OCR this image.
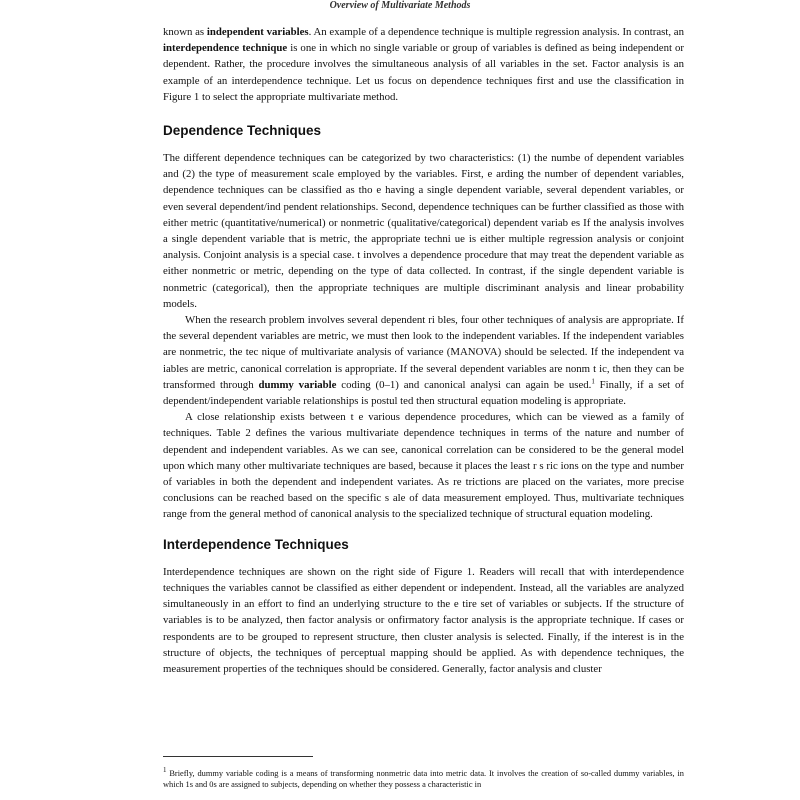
Overview of Multivariate Methods

known as independent variables. An example of a dependence technique is multiple regression analysis. In contrast, an interdependence technique is one in which no single variable or group of variables is defined as being independent or dependent. Rather, the procedure involves the simultaneous analysis of all variables in the set. Factor analysis is an example of an interdependence technique. Let us focus on dependence techniques first and use the classification in Figure 1 to select the appropriate multivariate method.

Dependence Techniques

The different dependence techniques can be categorized by two characteristics: (1) the numbe of dependent variables and (2) the type of measurement scale employed by the variables. First, e arding the number of dependent variables, dependence techniques can be classified as tho e having a single dependent variable, several dependent variables, or even several dependent/ind pendent relationships. Second, dependence techniques can be further classified as those with either metric (quantitative/numerical) or nonmetric (qualitative/categorical) dependent variab es If the analysis involves a single dependent variable that is metric, the appropriate techni ue is either multiple regression analysis or conjoint analysis. Conjoint analysis is a special case. t involves a dependence procedure that may treat the dependent variable as either nonmetric or metric, depending on the type of data collected. In contrast, if the single dependent variable is nonmetric (categorical), then the appropriate techniques are multiple discriminant analysis and linear probability models.

When the research problem involves several dependent ri bles, four other techniques of analysis are appropriate. If the several dependent variables are metric, we must then look to the independent variables. If the independent variables are nonmetric, the tec nique of multivariate analysis of variance (MANOVA) should be selected. If the independent va iables are metric, canonical correlation is appropriate. If the several dependent variables are nonm t ic, then they can be transformed through dummy variable coding (0–1) and canonical analysi can again be used.$^1$ Finally, if a set of dependent/independent variable relationships is postul ted then structural equation modeling is appropriate.

A close relationship exists between t e various dependence procedures, which can be viewed as a family of techniques. Table 2 defines the various multivariate dependence techniques in terms of the nature and number of dependent and independent variables. As we can see, canonical correlation can be considered to be the general model upon which many other multivariate techniques are based, because it places the least r s ric ions on the type and number of variables in both the dependent and independent variates. As re trictions are placed on the variates, more precise conclusions can be reached based on the specific s ale of data measurement employed. Thus, multivariate techniques range from the general method of canonical analysis to the specialized technique of structural equation modeling.

Interdependence Techniques

Interdependence techniques are shown on the right side of Figure 1. Readers will recall that with interdependence techniques the variables cannot be classified as either dependent or independent. Instead, all the variables are analyzed simultaneously in an effort to find an underlying structure to the e tire set of variables or subjects. If the structure of variables is to be analyzed, then factor analysis or onfirmatory factor analysis is the appropriate technique. If cases or respondents are to be grouped to represent structure, then cluster analysis is selected. Finally, if the interest is in the structure of objects, the techniques of perceptual mapping should be applied. As with dependence techniques, the measurement properties of the techniques should be considered. Generally, factor analysis and cluster

$^1$ Briefly, dummy variable coding is a means of transforming nonmetric data into metric data. It involves the creation of so-called dummy variables, in which 1s and 0s are assigned to subjects, depending on whether they possess a characteristic in
